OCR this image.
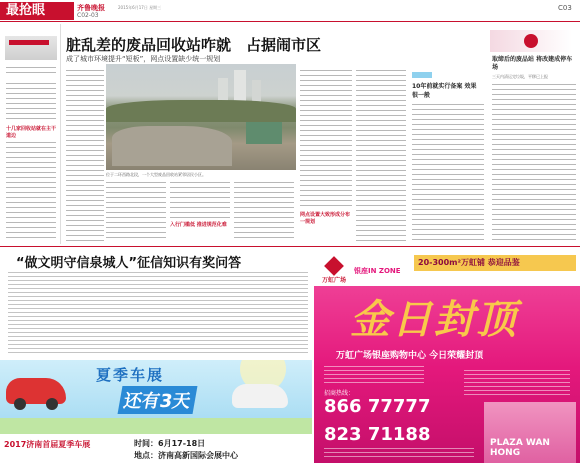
最抢眼	齐鲁晚报
C02-03
2015年6月17日 星期三	C03
十几家回收站就在主干道边
脏乱差的废品回收站咋就　占据闹市区
成了城市环境提升“短板”，网点设置缺少统一规划
位于二环西路北段，一个大型废品回收站紧邻居民小区。
入行门槛低 推进规范化难
网点设置大致形成分布一规划
10年前就实行备案 效果很一般
取缔后的废品站 将改建成停车场
三天内清运完垃圾，平移已上报
“做文明守信泉城人”征信知识有奖问答
夏季车展
还有3天
2017济南首届夏季车展	时间：6月17-18日
地点：济南高新国际会展中心
万虹广场
银座IN ZONE
20-300m²万虹铺 恭迎品鉴
金日封顶
万虹广场银座购物中心 今日荣耀封顶
PLAZA WAN HONG
招商热线：
866 77777
823 71188
